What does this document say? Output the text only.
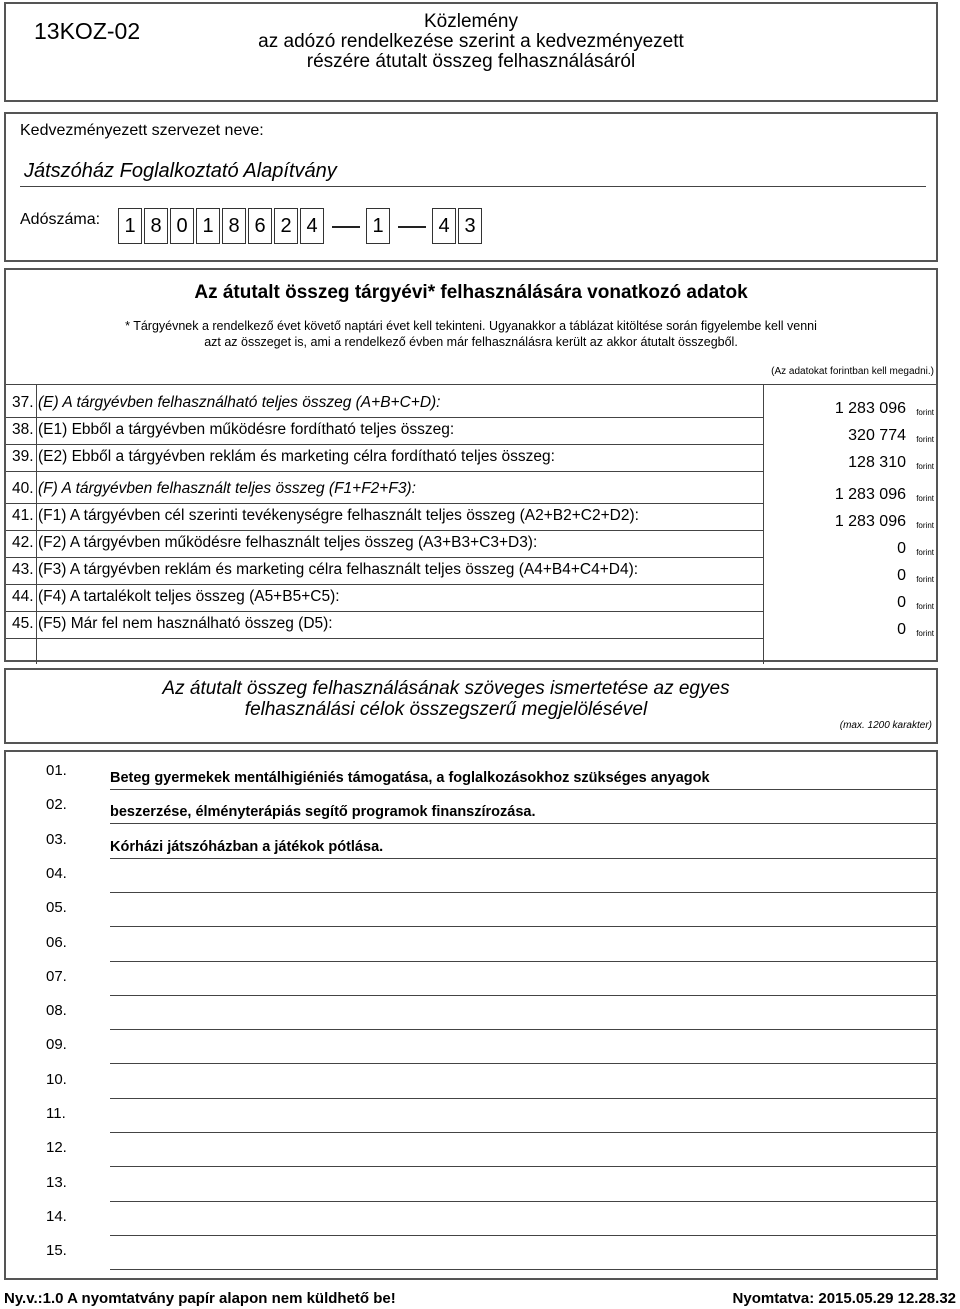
13KOZ-02	Közlemény
az adózó rendelkezése szerint a kedvezményezett
részére átutalt összeg felhasználásáról
Kedvezményezett szervezet neve:
Játszóház Foglalkoztató Alapítvány
Adószáma:	1 8 0 1 8 6 2 4	1	4 3
Az átutalt összeg tárgyévi* felhasználására vonatkozó adatok
* Tárgyévnek a rendelkező évet követő naptári évet kell tekinteni. Ugyanakkor a táblázat kitöltése során figyelembe kell venni
azt az összeget is, ami a rendelkező évben már felhasználásra került az akkor átutalt összegből.
(Az adatokat forintban kell megadni.)
37. (E) A tárgyévben felhasználható teljes összeg (A+B+C+D):	1 283 096 forint
38. (E1) Ebből a tárgyévben működésre fordítható teljes összeg:	320 774 forint
39. (E2) Ebből a tárgyévben reklám és marketing célra fordítható teljes összeg:	128 310 forint
40. (F) A tárgyévben felhasznált teljes összeg (F1+F2+F3):	1 283 096 forint
41. (F1) A tárgyévben cél szerinti tevékenységre felhasznált teljes összeg (A2+B2+C2+D2):	1 283 096 forint
42. (F2) A tárgyévben működésre felhasznált teljes összeg (A3+B3+C3+D3):	0 forint
43. (F3) A tárgyévben reklám és marketing célra felhasznált teljes összeg (A4+B4+C4+D4):	0 forint
44. (F4) A tartalékolt teljes összeg (A5+B5+C5):	0 forint
45. (F5) Már fel nem használható összeg (D5):	0 forint
Az átutalt összeg felhasználásának szöveges ismertetése az egyes
felhasználási célok összegszerű megjelölésével
(max. 1200 karakter)
01.	Beteg gyermekek mentálhigiéniés támogatása, a foglalkozásokhoz szükséges anyagok
02.	beszerzése, élményterápiás segítő programok finanszírozása.
03.	Kórházi játszóházban a játékok pótlása.
04.
05.
06.
07.
08.
09.
10.
11.
12.
13.
14.
15.
Ny.v.:1.0 A nyomtatvány papír alapon nem küldhető be!	Nyomtatva: 2015.05.29 12.28.32
